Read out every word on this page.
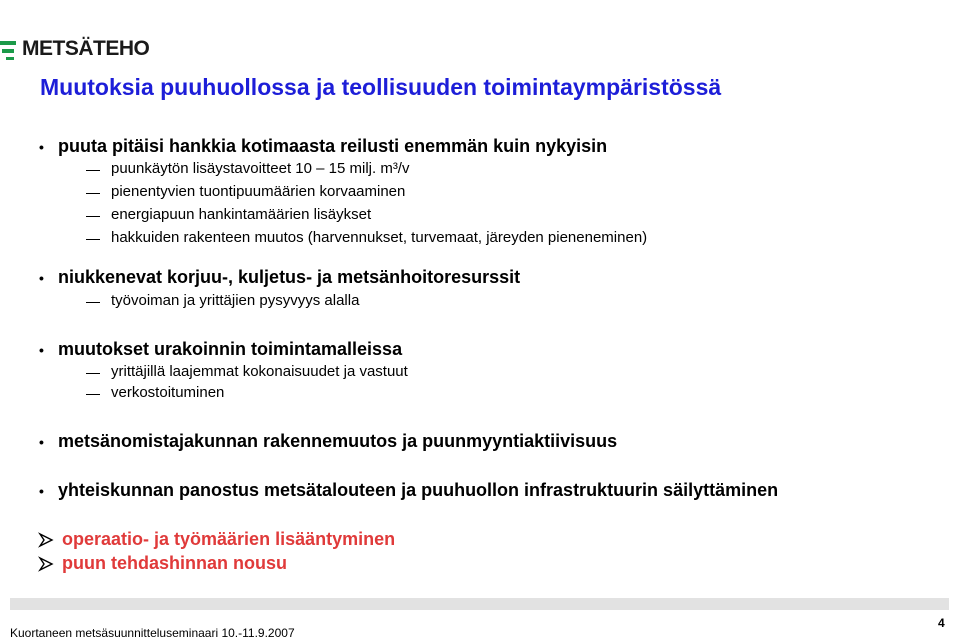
METSÄTEHO
Muutoksia puuhuollossa ja teollisuuden toimintaympäristössä
• puuta pitäisi hankkia kotimaasta reilusti enemmän kuin nykyisin
puunkäytön lisäystavoitteet 10 – 15 milj. m³/v
pienentyvien tuontipuumäärien korvaaminen
energiapuun hankintamäärien lisäykset
hakkuiden rakenteen muutos (harvennukset, turvemaat, järeyden pieneneminen)
• niukkenevat korjuu-, kuljetus- ja metsänhoitoresurssit
työvoiman ja yrittäjien pysyvyys alalla
• muutokset urakoinnin toimintamalleissa
yrittäjillä laajemmat kokonaisuudet ja vastuut
verkostoituminen
• metsänomistajakunnan rakennemuutos ja puunmyyntiaktiivisuus
• yhteiskunnan panostus metsätalouteen ja puuhuollon infrastruktuurin säilyttäminen
operaatio- ja työmäärien lisääntyminen
puun tehdashinnan nousu
Kuortaneen metsäsuunnitteluseminaari 10.-11.9.2007
4
